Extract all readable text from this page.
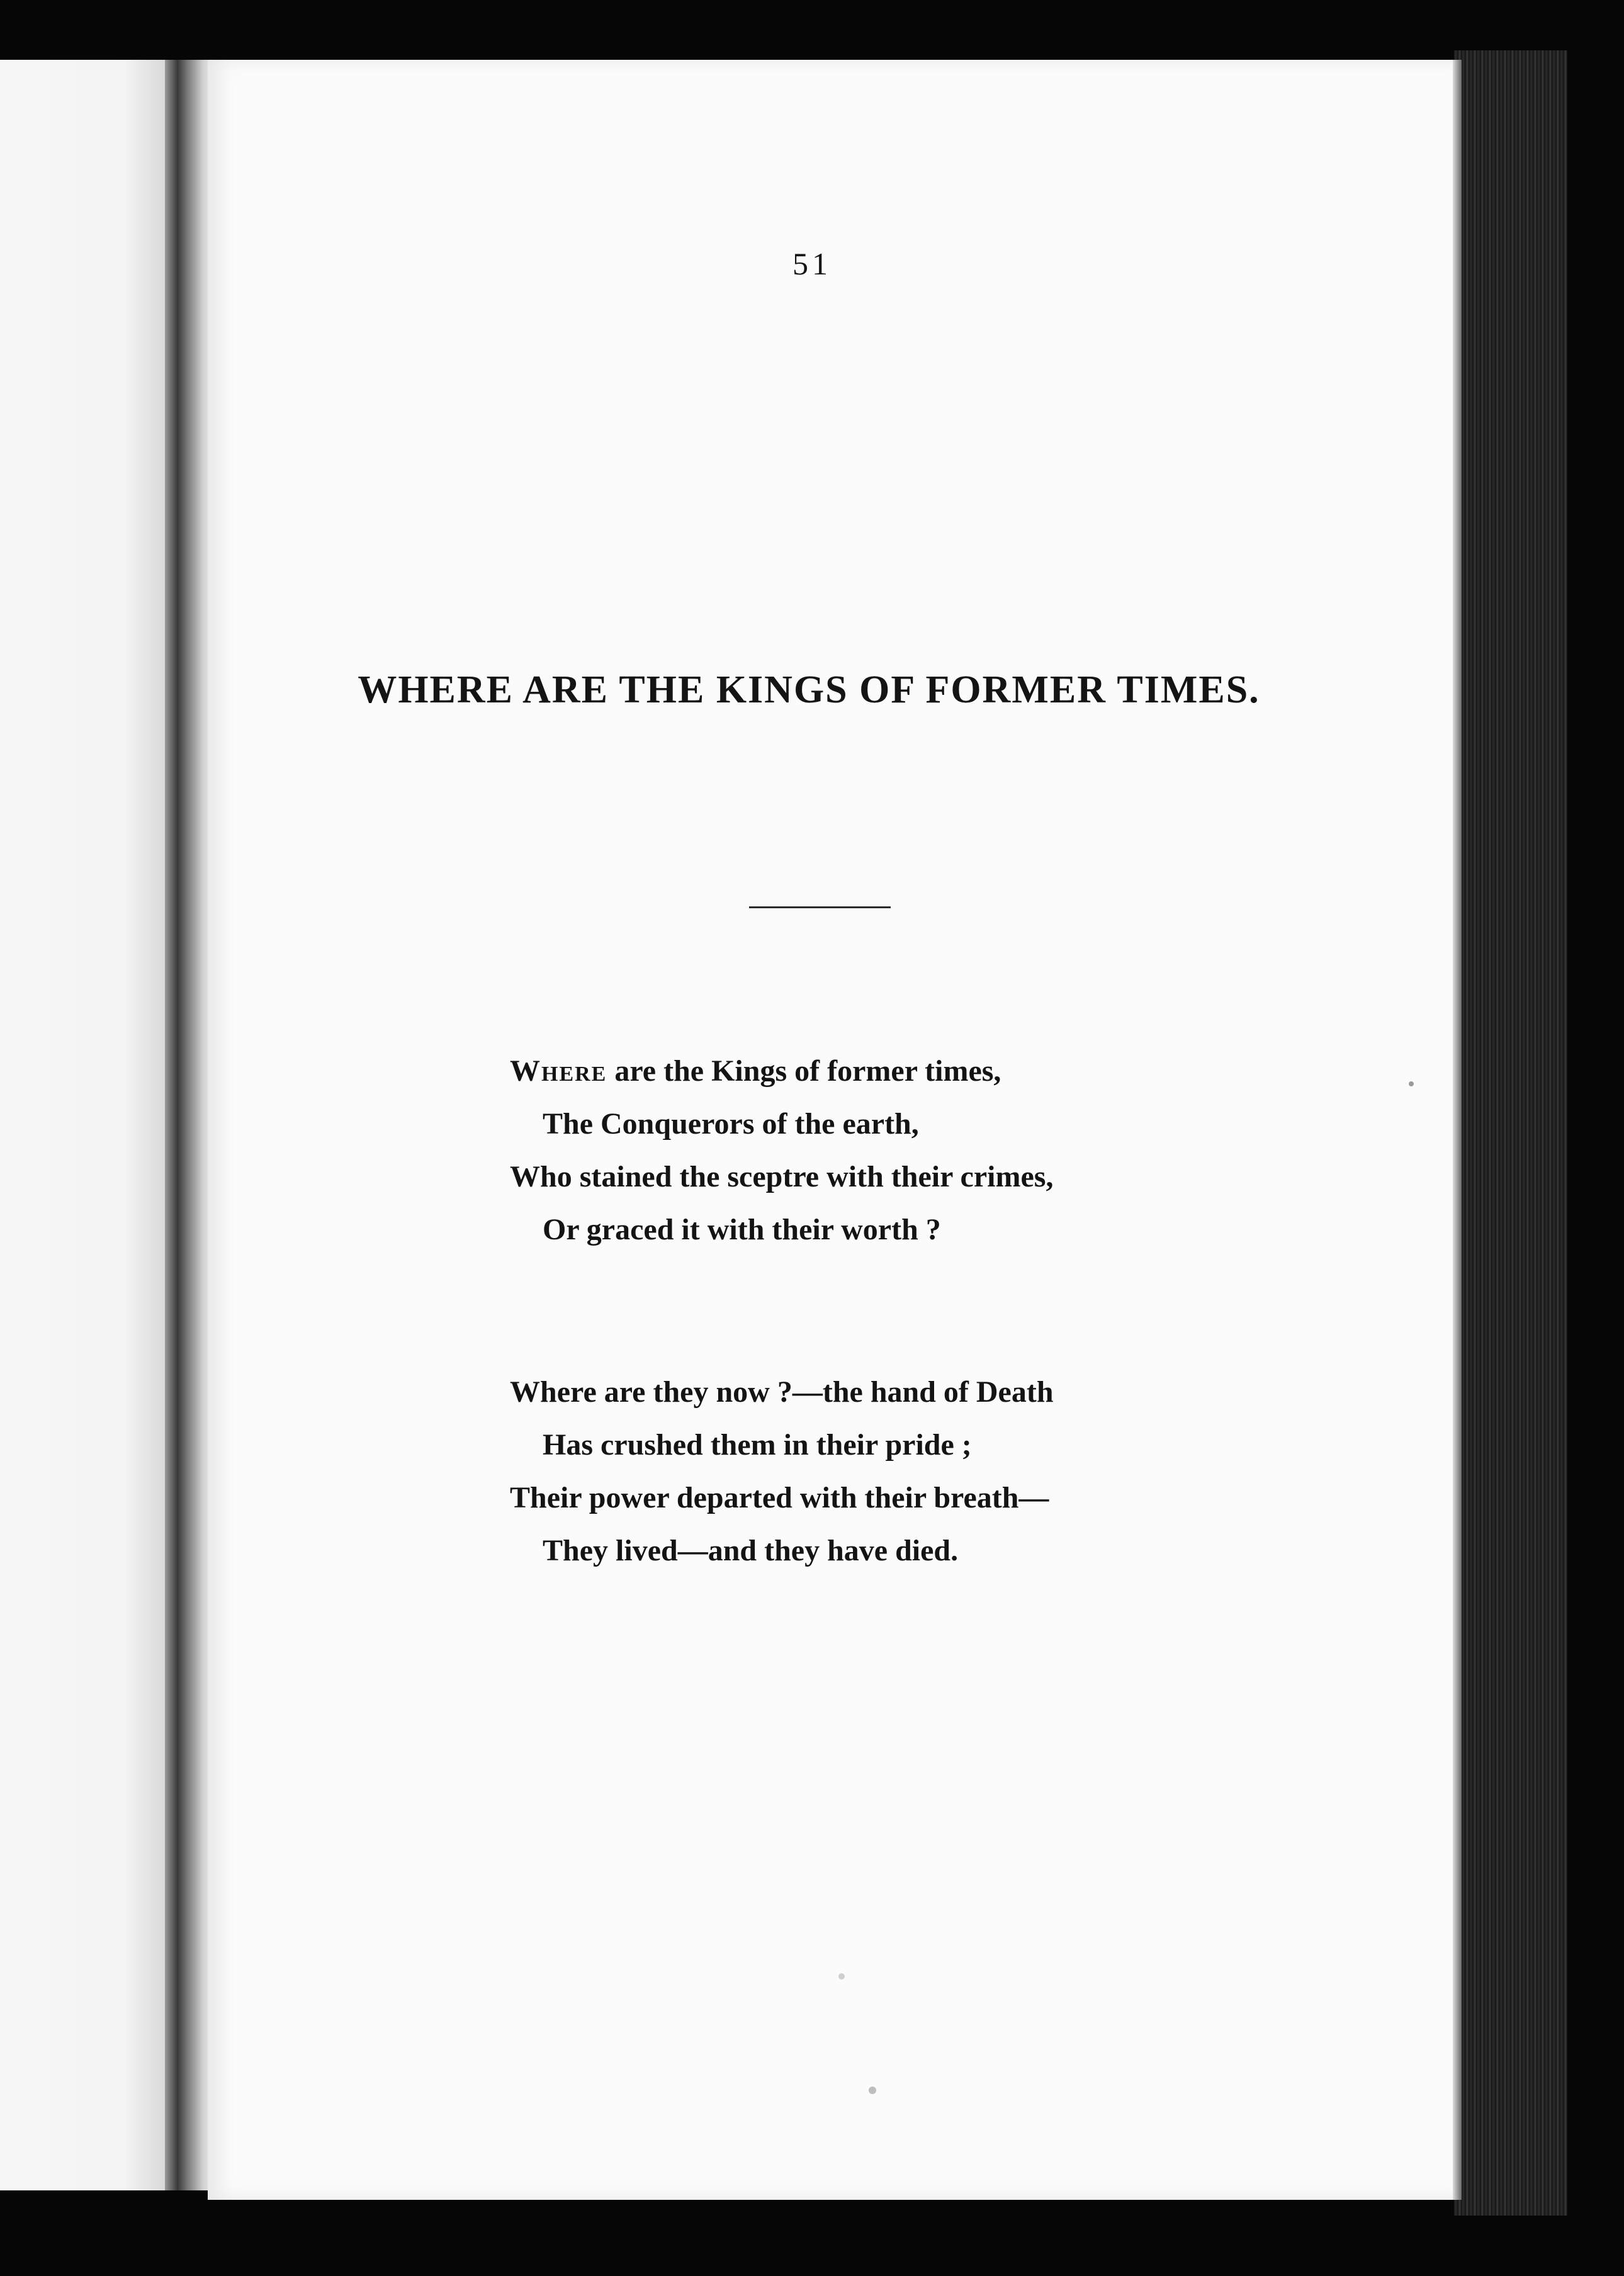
51
WHERE ARE THE KINGS OF FORMER TIMES.
Where are the Kings of former times,
The Conquerors of the earth,
Who stained the sceptre with their crimes,
Or graced it with their worth ?
Where are they now ?—the hand of Death
Has crushed them in their pride ;
Their power departed with their breath—
They lived—and they have died.
